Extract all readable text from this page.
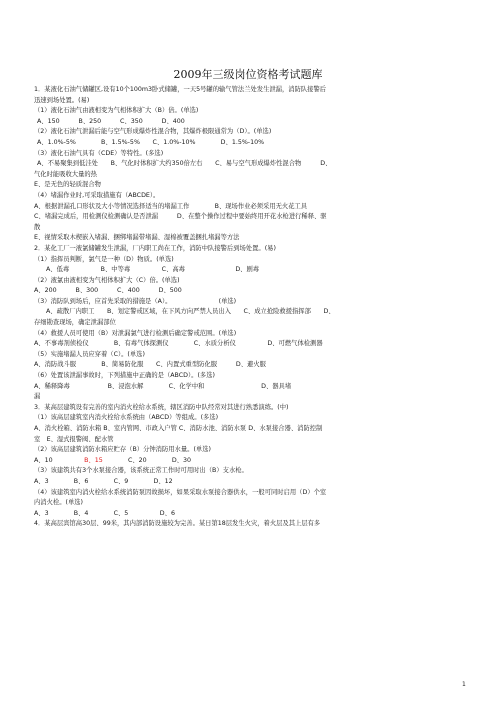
2009年三级岗位资格考试题库
1．某液化石油气储罐区,设有10个100m3卧式储罐，一天5号罐的输气管法兰处发生泄漏，消防队接警后
迅速到场处置。(易)
（1）液化石油气由液相变为气相体积扩大（B）倍。(单选)
A、150　　　B、250　　　C、350　　　D、400
（2）液化石油气泄漏后能与空气形成爆炸性混合物，其爆炸极限通常为（D）。(单选)
A、1.0%-5%　　　　B、1.5%-5%　　C、1.0%-10%　　　　D、1.5%-10%
（3）液化石油气具有（CDE）等特性。(多选)
A、不易聚集到低洼处　　B、气化时体积扩大约350倍左右　　C、易与空气形成爆炸性混合物　　　D、
气化时能吸收大量的热
E、是无色的轻质混合物
（4）堵漏作业时,可采取措施有（ABCDE）。
A、根据泄漏孔口形状及大小等情况选择适当的堵漏工作　　　　B、现场作业必须采用无火花工具
C、堵漏完成后，用检测仪检测确认是否泄漏　　　D、在整个操作过程中要始终用开花水枪进行稀释、驱
散
E、视情采取木楔嵌入堵漏、捆绑堵漏带堵漏、湿棉被覆盖捆扎堵漏等方法
2．某化工厂一液氯储罐发生泄漏，厂内职工尚在工作，消防中队接警后到场处置。(易)
（1）指挥员判断，氯气是一种（D）物质。(单选)
A、低毒　　　　　B、中等毒　　　　　C、高毒　　　　　　　　D、剧毒
（2）液氯由液相变为气相体积扩大（C）倍。(单选)
A、200　　　B、300　　　C、400　　　D、500
（3）消防队到场后，应首先采取的措施是（A）。　　　　　　　　(单选)
A、疏散厂内职工　　B、划定警戒区域，在下风方向严禁人员出入　　C、成立抢险救援指挥部　　D、
存细勘查现场，确定泄漏部位
（4）救援人员可使用（B）对泄漏氯气进行检测后确定警戒范围。(单选)
A、不事毒剂侦检仪　　　　B、有毒气体探测仪　　　　C、水质分析仪　　　　　D、可燃气体检测器
（5）实施堵漏人员应穿着（C）。(单选)
A、消防战斗服　　　　B、简易防化服　　C、内置式重型防化服　　　D、避火服
（6）处置该泄漏事故时，下列措施中正确的是（ABCD）。(多选)
A、稀释降毒　　　　　　B、浸泡水解　　　　C、化学中和　　　　　　　　　D、器具堵
漏
3．某高层建筑设有完善的室内消火栓给水系统，辖区消防中队经常对其进行熟悉演练。(中)
（1）该高层建筑室内消火栓给水系统由（ABCD）等组成。(多选)
A、消火栓箱、消防水箱 B、室内管网、市政入户管 C、消防水池、消防水泵 D、水泵接合器、消防控制
室　E、湿式报警阀、配水管
（2）该高层建筑消防水箱应贮存（B）分钟消防用水量。(单选)
A、10　　　　　B、15　　　　C、20　　　　D、30
（3）该建筑共有3个水泵接合器，该系统正常工作时可用时出（B）支水枪。
A、3　　　　B、6　　　　C、9　　　　D、12
（4）该建筑室内消火栓给水系统消防泵因故损坏，如果采取水泵接合器供水，一般可同时启用（D）个室
内消火栓。(单选)
A、3　　　　B、4　　　　C、5　　　　　D、6
4．某高层宾馆高30层、99米，其内部消防设施较为完善。某日第18层发生火灾，着火层及其上层有多
1
